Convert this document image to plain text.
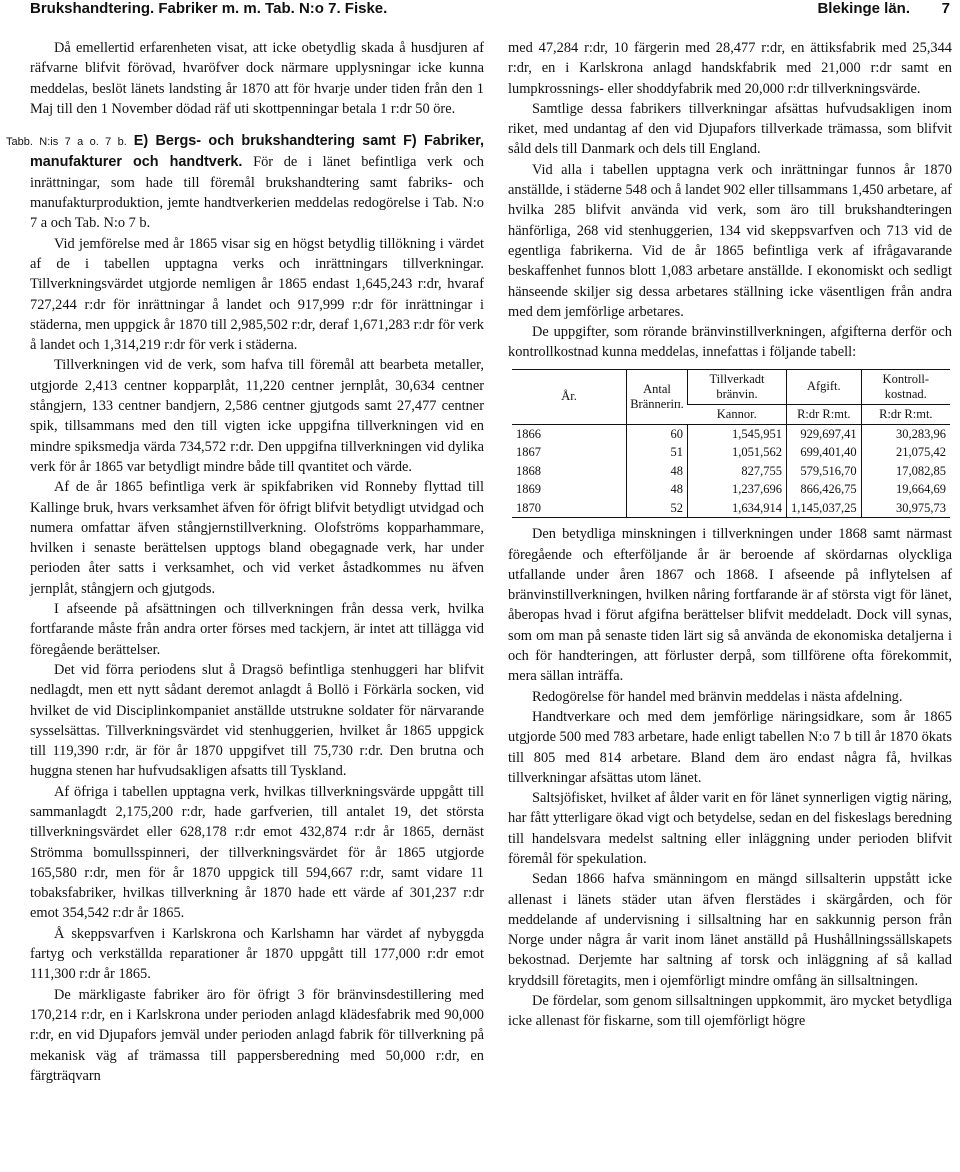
Brukshandtering. Fabriker m. m. Tab. N:o 7. Fiske.	Blekinge län. 7

Då emellertid erfarenheten visat, att icke obetydlig skada å husdjuren af räfvarne blifvit förövad, hvaröfver dock närmare upplysningar icke kunna meddelas, beslöt länets landsting år 1870 att för hvarje under tiden från den 1 Maj till den 1 November dödad räf uti skottpenningar betala 1 r:dr 50 öre.

Tabb. N:is 7 a o. 7 b. E) Bergs- och brukshandtering samt F) Fabriker, manufakturer och handtverk. För de i länet befintliga verk och inrättningar, som hade till föremål brukshandtering samt fabriks- och manufakturproduktion, jemte handtverkerien meddelas redogörelse i Tab. N:o 7 a och Tab. N:o 7 b.

Vid jemförelse med år 1865 visar sig en högst betydlig tillökning i värdet af de i tabellen upptagna verks och inrättningars tillverkningar. Tillverkningsvärdet utgjorde nemligen år 1865 endast 1,645,243 r:dr, hvaraf 727,244 r:dr för inrättningar å landet och 917,999 r:dr för inrättningar i städerna, men uppgick år 1870 till 2,985,502 r:dr, deraf 1,671,283 r:dr för verk å landet och 1,314,219 r:dr för verk i städerna.

Tillverkningen vid de verk, som hafva till föremål att bearbeta metaller, utgjorde 2,413 centner kopparplåt, 11,220 centner jernplåt, 30,634 centner stångjern, 133 centner bandjern, 2,586 centner gjutgods samt 27,477 centner spik, tillsammans med den till vigten icke uppgifna tillverkningen vid en mindre spiksmedja värda 734,572 r:dr. Den uppgifna tillverkningen vid dylika verk för år 1865 var betydligt mindre både till qvantitet och värde.

Af de år 1865 befintliga verk är spikfabriken vid Ronneby flyttad till Kallinge bruk, hvars verksamhet äfven för öfrigt blifvit betydligt utvidgad och numera omfattar äfven stångjernstillverkning. Olofströms kopparhammare, hvilken i senaste berättelsen upptogs bland obegagnade verk, har under perioden åter satts i verksamhet, och vid verket åstadkommes nu äfven jernplåt, stångjern och gjutgods.

I afseende på afsättningen och tillverkningen från dessa verk, hvilka fortfarande måste från andra orter förses med tackjern, är intet att tillägga vid föregående berättelser.

Det vid förra periodens slut å Dragsö befintliga stenhuggeri har blifvit nedlagdt, men ett nytt sådant deremot anlagdt å Bollö i Förkärla socken, vid hvilket de vid Disciplinkompaniet anställde utstrukne soldater för närvarande sysselsättas. Tillverkningsvärdet vid stenhuggerien, hvilket år 1865 uppgick till 119,390 r:dr, är för år 1870 uppgifvet till 75,730 r:dr. Den brutna och huggna stenen har hufvudsakligen afsatts till Tyskland.

Af öfriga i tabellen upptagna verk, hvilkas tillverkningsvärde uppgått till sammanlagdt 2,175,200 r:dr, hade garfverien, till antalet 19, det största tillverkningsvärdet eller 628,178 r:dr emot 432,874 r:dr år 1865, dernäst Strömma bomullsspinneri, der tillverkningsvärdet för år 1865 utgjorde 165,580 r:dr, men för år 1870 uppgick till 594,667 r:dr, samt vidare 11 tobaksfabriker, hvilkas tillverkning år 1870 hade ett värde af 301,237 r:dr emot 354,542 r:dr år 1865.

Å skeppsvarfven i Karlskrona och Karlshamn har värdet af nybyggda fartyg och verkställda reparationer år 1870 uppgått till 177,000 r:dr emot 111,300 r:dr år 1865.

De märkligaste fabriker äro för öfrigt 3 för bränvinsdestillering med 170,214 r:dr, en i Karlskrona under perioden anlagd klädesfabrik med 90,000 r:dr, en vid Djupafors jemväl under perioden anlagd fabrik för tillverkning på mekanisk väg af trämassa till pappersberedning med 50,000 r:dr, en färgträqvarn

med 47,284 r:dr, 10 färgerin med 28,477 r:dr, en ättiksfabrik med 25,344 r:dr, en i Karlskrona anlagd handskfabrik med 21,000 r:dr samt en lumpkrossnings- eller shoddyfabrik med 20,000 r:dr tillverkningsvärde.

Samtlige dessa fabrikers tillverkningar afsättas hufvudsakligen inom riket, med undantag af den vid Djupafors tillverkade trämassa, som blifvit såld dels till Danmark och dels till England.

Vid alla i tabellen upptagna verk och inrättningar funnos år 1870 anställde, i städerne 548 och å landet 902 eller tillsammans 1,450 arbetare, af hvilka 285 blifvit använda vid verk, som äro till brukshandteringen hänförliga, 268 vid stenhuggerien, 134 vid skeppsvarfven och 713 vid de egentliga fabrikerna. Vid de år 1865 befintliga verk af ifrågavarande beskaffenhet funnos blott 1,083 arbetare anställde. I ekonomiskt och sedligt hänseende skiljer sig dessa arbetares ställning icke väsentligen från andra med dem jemförlige arbetares.

De uppgifter, som rörande bränvinstillverkningen, afgifterna derför och kontrollkostnad kunna meddelas, innefattas i följande tabell:

År.	Antal Bränneriп.	Tillverkadt bränvin.	Afgift.	Kontroll-kostnad.
		Kannor.	R:dr R:mt.	R:dr R:mt.
1866	60	1,545,951	929,697,41	30,283,96
1867	51	1,051,562	699,401,40	21,075,42
1868	48	827,755	579,516,70	17,082,85
1869	48	1,237,696	866,426,75	19,664,69
1870	52	1,634,914	1,145,037,25	30,975,73

Den betydliga minskningen i tillverkningen under 1868 samt närmast föregående och efterföljande år är beroende af skördarnas olyckliga utfallande under åren 1867 och 1868. I afseende på inflytelsen af bränvinstillverkningen, hvilken nåring fortfarande är af största vigt för länet, åberopas hvad i förut afgifna berättelser blifvit meddeladt. Dock vill synas, som om man på senaste tiden lärt sig så använda de ekonomiska detaljerna i och för handteringen, att förluster derpå, som tillförene ofta förekommit, mera sällan inträffa.

Redogörelse för handel med bränvin meddelas i nästa afdelning.

Handtverkare och med dem jemförlige näringsidkare, som år 1865 utgjorde 500 med 783 arbetare, hade enligt tabellen N:o 7 b till år 1870 ökats till 805 med 814 arbetare. Bland dem äro endast några få, hvilkas tillverkningar afsättas utom länet.

Saltsjöfisket, hvilket af ålder varit en för länet synnerligen vigtig näring, har fått ytterligare ökad vigt och betydelse, sedan en del fiskeslags beredning till handelsvara medelst saltning eller inläggning under perioden blifvit föremål för spekulation.

Sedan 1866 hafva smänningom en mängd sillsalterin uppstått icke allenast i länets städer utan äfven flerstädes i skärgården, och för meddelande af undervisning i sillsaltning har en sakkunnig person från Norge under några år varit inom länet anställd på Hushållningssällskapets bekostnad. Derjemte har saltning af torsk och inläggning af så kallad kryddsill företagits, men i ojemförligt mindre omfång än sillsaltningen.

De fördelar, som genom sillsaltningen uppkommit, äro mycket betydliga icke allenast för fiskarne, som till ojemförligt högre
